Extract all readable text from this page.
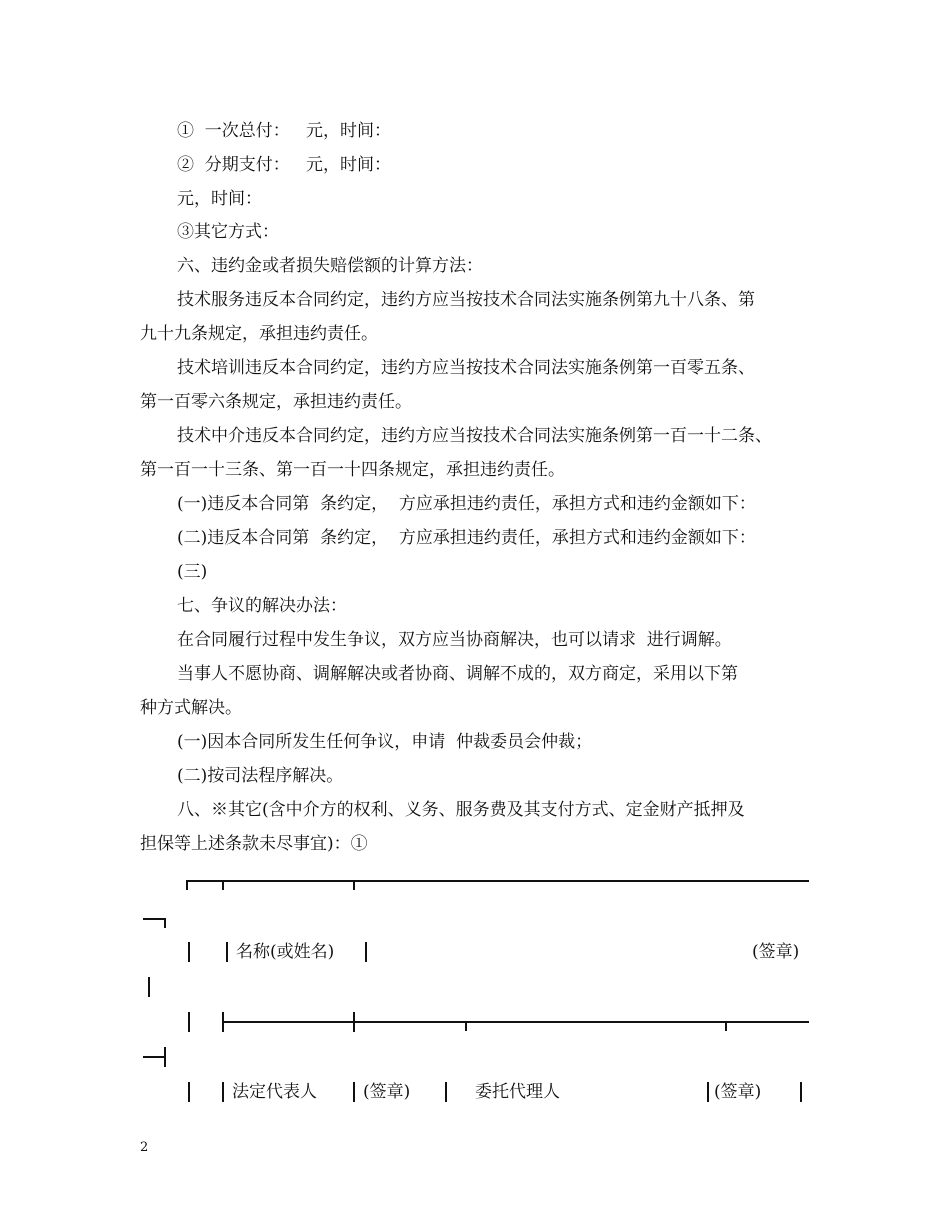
①  一次总付：   元，时间：
②  分期支付：   元，时间：
元，时间：
③其它方式：
六、违约金或者损失赔偿额的计算方法：
技术服务违反本合同约定，违约方应当按技术合同法实施条例第九十八条、第
九十九条规定，承担违约责任。
技术培训违反本合同约定，违约方应当按技术合同法实施条例第一百零五条、
第一百零六条规定，承担违约责任。
技术中介违反本合同约定，违约方应当按技术合同法实施条例第一百一十二条、
第一百一十三条、第一百一十四条规定，承担违约责任。
(一)违反本合同第  条约定，  方应承担违约责任，承担方式和违约金额如下：
(二)违反本合同第  条约定，  方应承担违约责任，承担方式和违约金额如下：
(三)
七、争议的解决办法：
在合同履行过程中发生争议，双方应当协商解决，也可以请求  进行调解。
当事人不愿协商、调解解决或者协商、调解不成的，双方商定，采用以下第
种方式解决。
(一)因本合同所发生任何争议，申请  仲裁委员会仲裁；
(二)按司法程序解决。
八、※其它(含中介方的权利、义务、服务费及其支付方式、定金财产抵押及
担保等上述条款未尽事宜)：①
名称(或姓名)	(签章)
法定代表人	(签章)	委托代理人	(签章)
2
